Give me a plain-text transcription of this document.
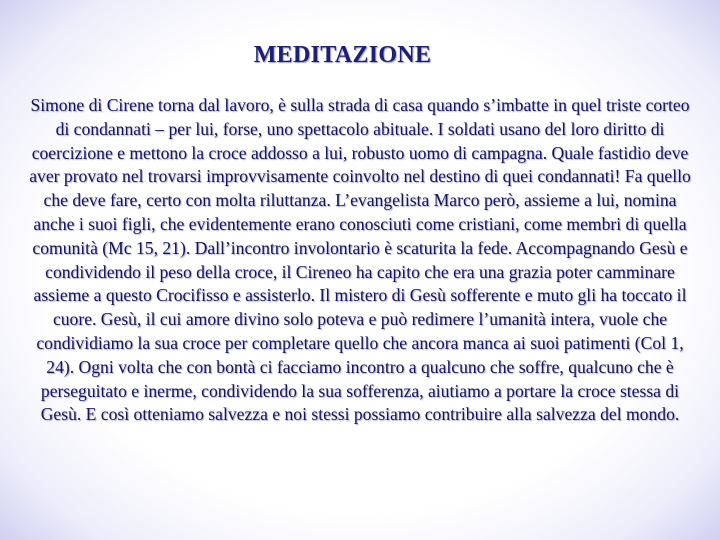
MEDITAZIONE

Simone di Cirene torna dal lavoro, è sulla strada di casa quando s’imbatte in quel triste corteo di condannati – per lui, forse, uno spettacolo abituale. I soldati usano del loro diritto di coercizione e mettono la croce addosso a lui, robusto uomo di campagna. Quale fastidio deve aver provato nel trovarsi improvvisamente coinvolto nel destino di quei condannati! Fa quello che deve fare, certo con molta riluttanza. L’evangelista Marco però, assieme a lui, nomina anche i suoi figli, che evidentemente erano conosciuti come cristiani, come membri di quella comunità (Mc 15, 21). Dall’incontro involontario è scaturita la fede. Accompagnando Gesù e condividendo il peso della croce, il Cireneo ha capito che era una grazia poter camminare assieme a questo Crocifisso e assisterlo. Il mistero di Gesù sofferente e muto gli ha toccato il cuore. Gesù, il cui amore divino solo poteva e può redimere l’umanità intera, vuole che condividiamo la sua croce per completare quello che ancora manca ai suoi patimenti (Col 1, 24). Ogni volta che con bontà ci facciamo incontro a qualcuno che soffre, qualcuno che è perseguitato e inerme, condividendo la sua sofferenza, aiutiamo a portare la croce stessa di Gesù. E così otteniamo salvezza e noi stessi possiamo contribuire alla salvezza del mondo.
